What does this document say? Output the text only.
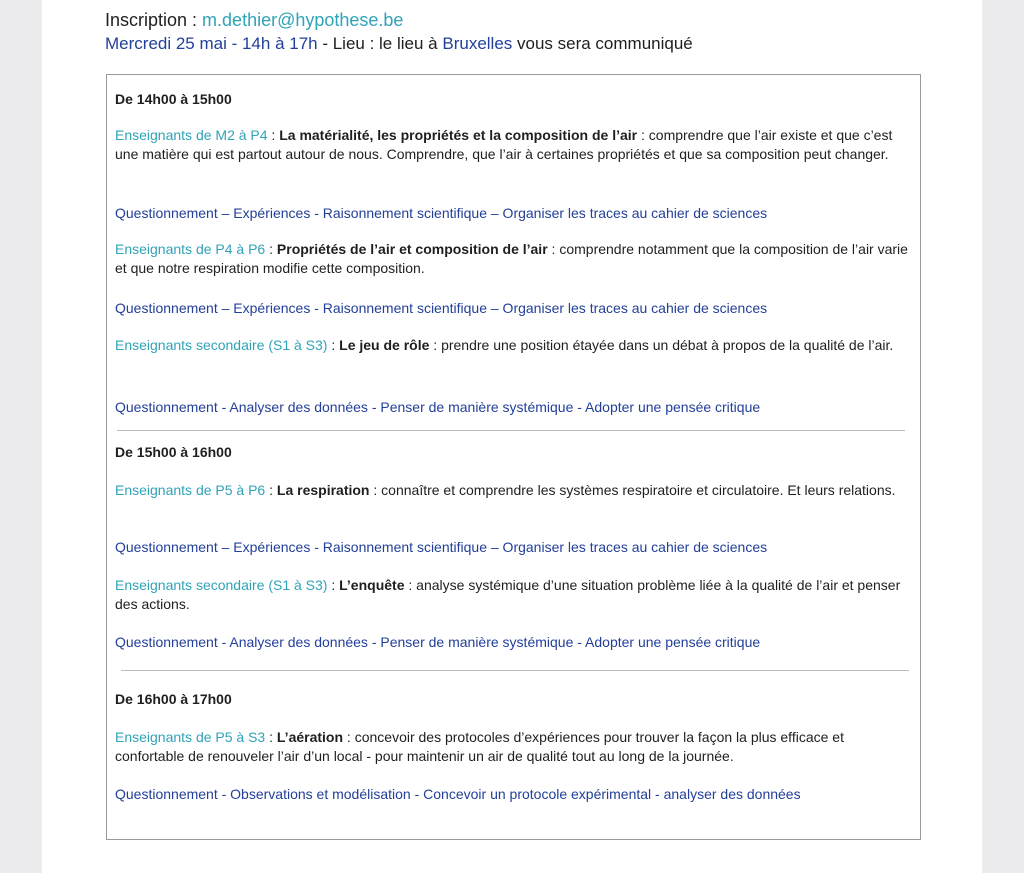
Inscription : m.dethier@hypothese.be
Mercredi 25 mai - 14h à 17h - Lieu : le lieu à Bruxelles vous sera communiqué
De 14h00 à 15h00
Enseignants de M2 à P4 : La matérialité, les propriétés et la composition de l’air : comprendre que l’air existe et que c’est une matière qui est partout autour de nous. Comprendre, que l’air à certaines propriétés et que sa composition peut changer.
Questionnement – Expériences - Raisonnement scientifique – Organiser les traces au cahier de sciences
Enseignants de P4 à P6 : Propriétés de l’air et composition de l’air : comprendre notamment que la composition de l’air varie et que notre respiration modifie cette composition.
Questionnement – Expériences - Raisonnement scientifique – Organiser les traces au cahier de sciences
Enseignants secondaire (S1 à S3) : Le jeu de rôle : prendre une position étayée dans un débat à propos de la qualité de l’air.
Questionnement - Analyser des données - Penser de manière systémique - Adopter une pensée critique
De 15h00 à 16h00
Enseignants de P5 à P6 : La respiration : connaître et comprendre les systèmes respiratoire et circulatoire. Et leurs relations.
Questionnement – Expériences - Raisonnement scientifique – Organiser les traces au cahier de sciences
Enseignants secondaire (S1 à S3) : L’enquête : analyse systémique d’une situation problème liée à la qualité de l’air et penser des actions.
Questionnement - Analyser des données - Penser de manière systémique - Adopter une pensée critique
De 16h00 à 17h00
Enseignants de P5 à S3 : L’aération : concevoir des protocoles d’expériences pour trouver la façon la plus efficace et confortable de renouveler l’air d’un local - pour maintenir un air de qualité tout au long de la journée.
Questionnement - Observations et modélisation - Concevoir un protocole expérimental - analyser des données
